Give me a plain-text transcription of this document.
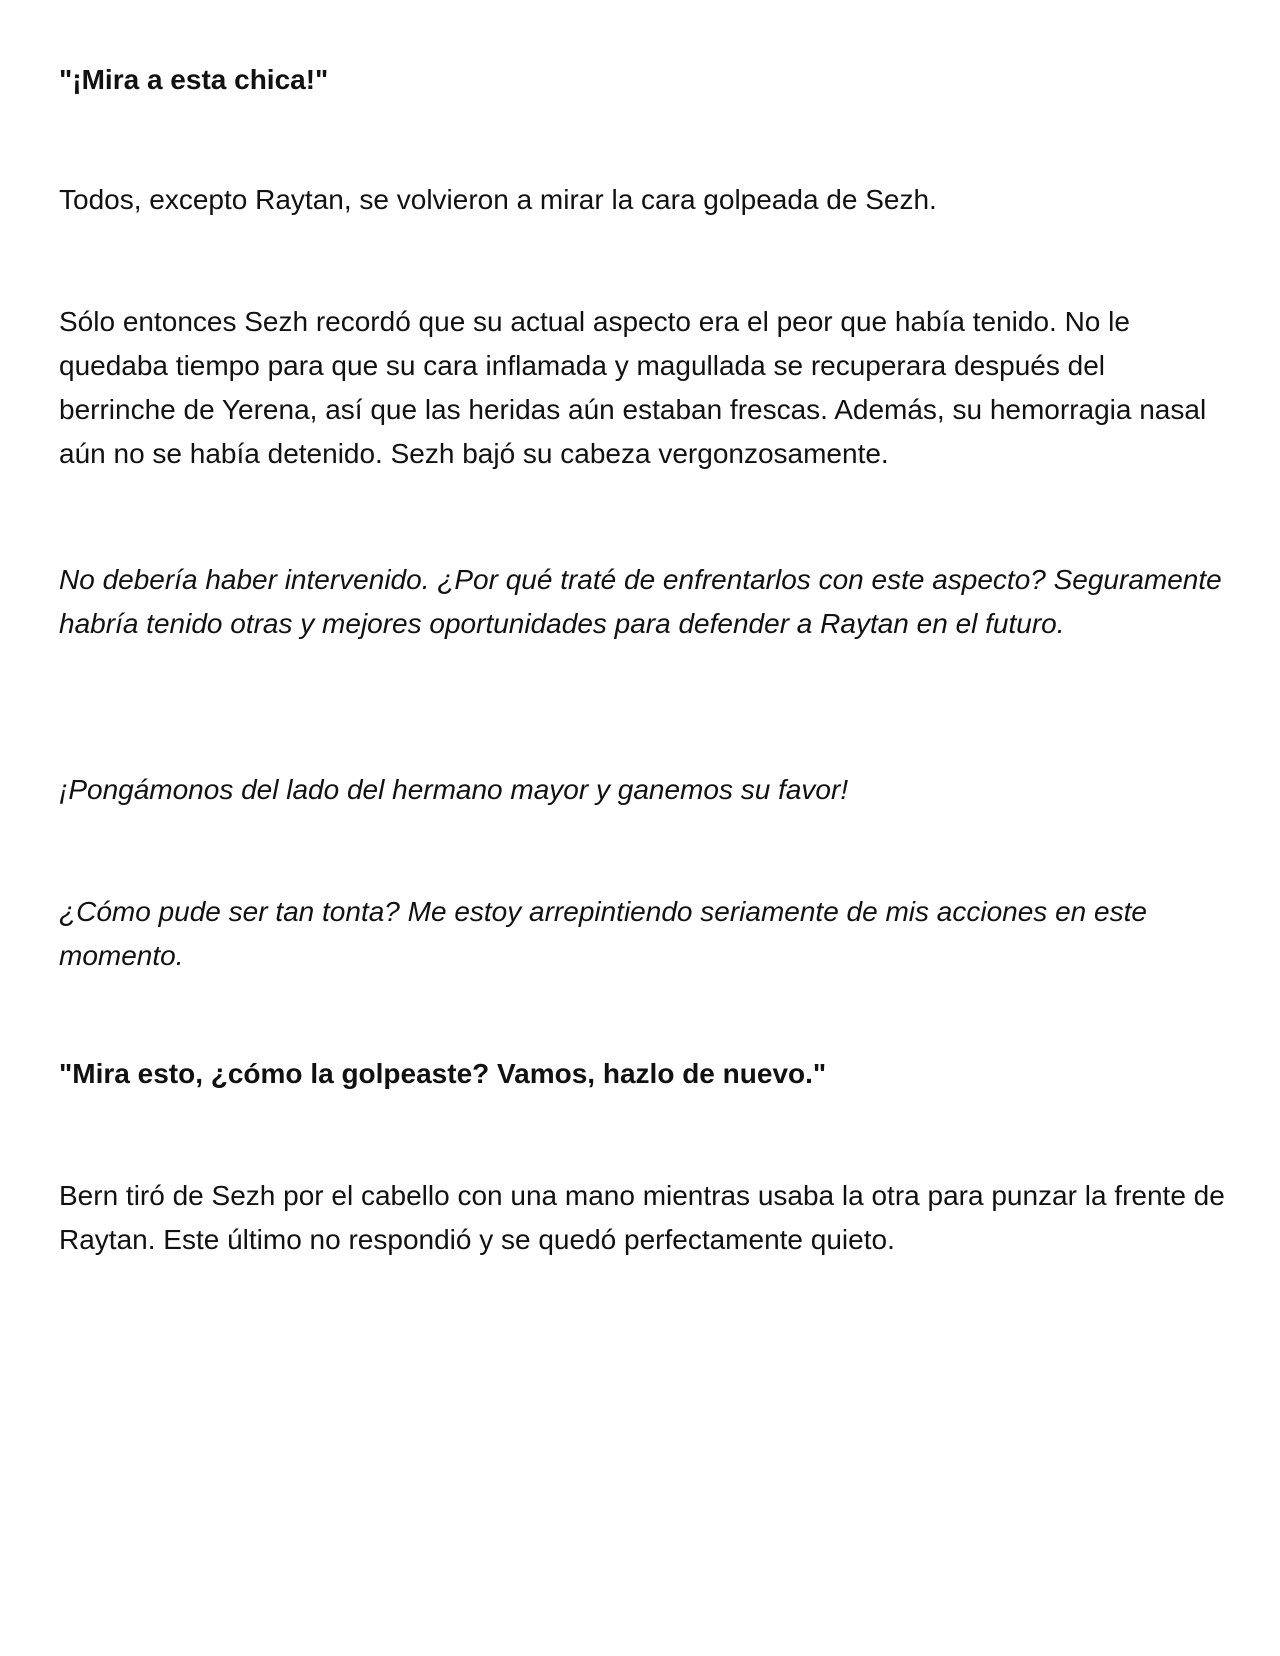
"¡Mira a esta chica!"

Todos, excepto Raytan, se volvieron a mirar la cara golpeada de Sezh.

Sólo entonces Sezh recordó que su actual aspecto era el peor que había tenido. No le quedaba tiempo para que su cara inflamada y magullada se recuperara después del berrinche de Yerena, así que las heridas aún estaban frescas. Además, su hemorragia nasal aún no se había detenido. Sezh bajó su cabeza vergonzosamente.

No debería haber intervenido. ¿Por qué traté de enfrentarlos con este aspecto? Seguramente habría tenido otras y mejores oportunidades para defender a Raytan en el futuro.

¡Pongámonos del lado del hermano mayor y ganemos su favor!

¿Cómo pude ser tan tonta? Me estoy arrepintiendo seriamente de mis acciones en este momento.

"Mira esto, ¿cómo la golpeaste? Vamos, hazlo de nuevo."

Bern tiró de Sezh por el cabello con una mano mientras usaba la otra para punzar la frente de Raytan. Este último no respondió y se quedó perfectamente quieto.
